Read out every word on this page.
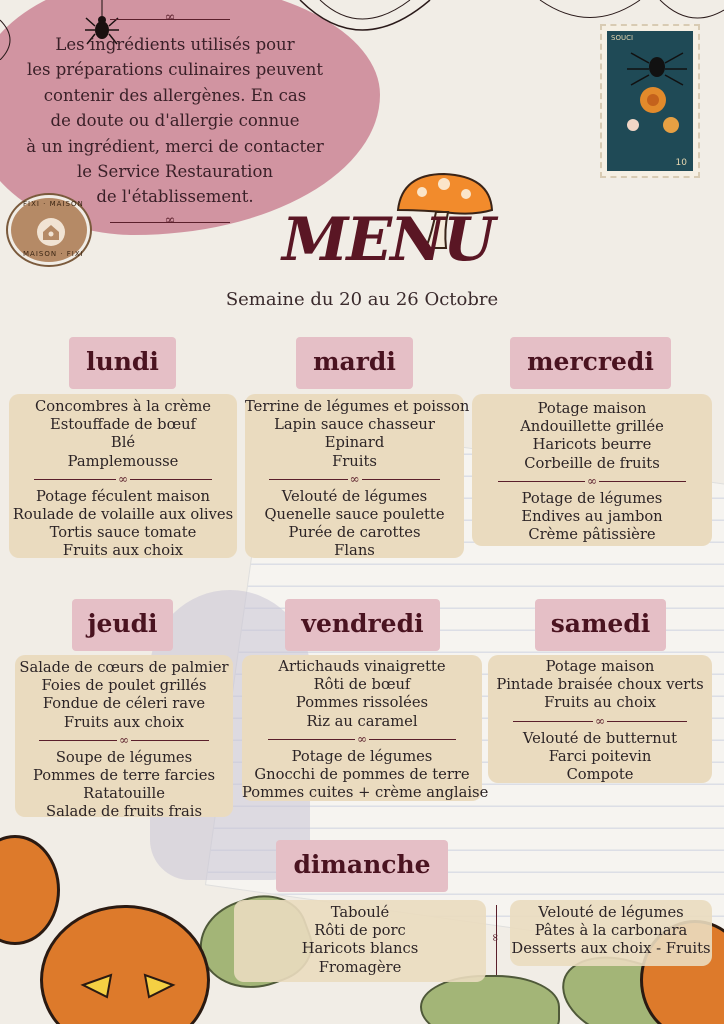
∞
Les ingrédients utilisés pour
les préparations culinaires peuvent
contenir des allergènes. En cas
de doute ou d'allergie connue
à un ingrédient, merci de contacter
le Service Restauration
de l'établissement.
∞
FIXI · MAISON
MAISON · FIXI
SOUCI
10
MENU
Semaine du 20 au 26 Octobre
lundi
Concombres à la crème
Estouffade de bœuf
Blé
Pamplemousse
∞
Potage féculent maison
Roulade de volaille aux olives
Tortis sauce tomate
Fruits aux choix
mardi
Terrine de légumes et poisson
Lapin sauce chasseur
Epinard
Fruits
∞
Velouté de légumes
Quenelle sauce poulette
Purée de carottes
Flans
mercredi
Potage maison
Andouillette grillée
Haricots beurre
Corbeille de fruits
∞
Potage de légumes
Endives au jambon
Crème pâtissière
jeudi
Salade de cœurs de palmier
Foies de poulet grillés
Fondue de céleri rave
Fruits aux choix
∞
Soupe de légumes
Pommes de terre farcies
Ratatouille
Salade de fruits frais
vendredi
Artichauds vinaigrette
Rôti de bœuf
Pommes rissolées
Riz au caramel
∞
Potage de légumes
Gnocchi de pommes de terre
Pommes cuites + crème anglaise
samedi
Potage maison
Pintade braisée choux verts
Fruits au choix
∞
Velouté de butternut
Farci poitevin
Compote
dimanche
Taboulé
Rôti de porc
Haricots blancs
Fromagère
∞
Velouté de légumes
Pâtes à la carbonara
Desserts aux choix - Fruits
